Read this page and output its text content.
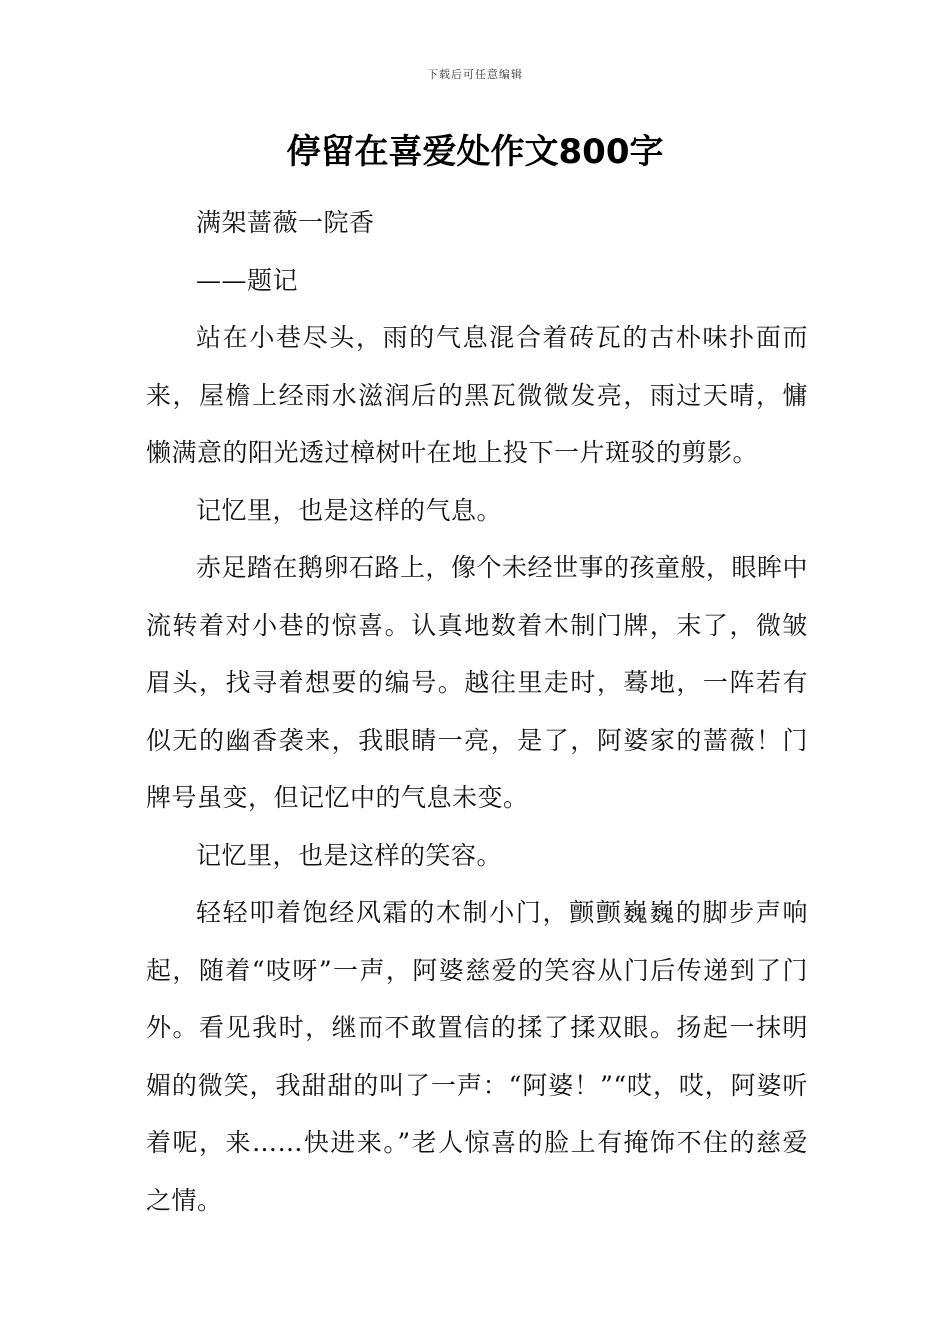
下载后可任意编辑
停留在喜爱处作文800字

满架蔷薇一院香

——题记

站在小巷尽头，雨的气息混合着砖瓦的古朴味扑面而来，屋檐上经雨水滋润后的黑瓦微微发亮，雨过天晴，慵懒满意的阳光透过樟树叶在地上投下一片斑驳的剪影。

记忆里，也是这样的气息。

赤足踏在鹅卵石路上，像个未经世事的孩童般，眼眸中流转着对小巷的惊喜。认真地数着木制门牌，末了，微皱眉头，找寻着想要的编号。越往里走时，蓦地，一阵若有似无的幽香袭来，我眼睛一亮，是了，阿婆家的蔷薇！门牌号虽变，但记忆中的气息未变。

记忆里，也是这样的笑容。

轻轻叩着饱经风霜的木制小门，颤颤巍巍的脚步声响起，随着“吱呀”一声，阿婆慈爱的笑容从门后传递到了门外。看见我时，继而不敢置信的揉了揉双眼。扬起一抹明媚的微笑，我甜甜的叫了一声：“阿婆！”“哎，哎，阿婆听着呢，来……快进来。”老人惊喜的脸上有掩饰不住的慈爱之情。
